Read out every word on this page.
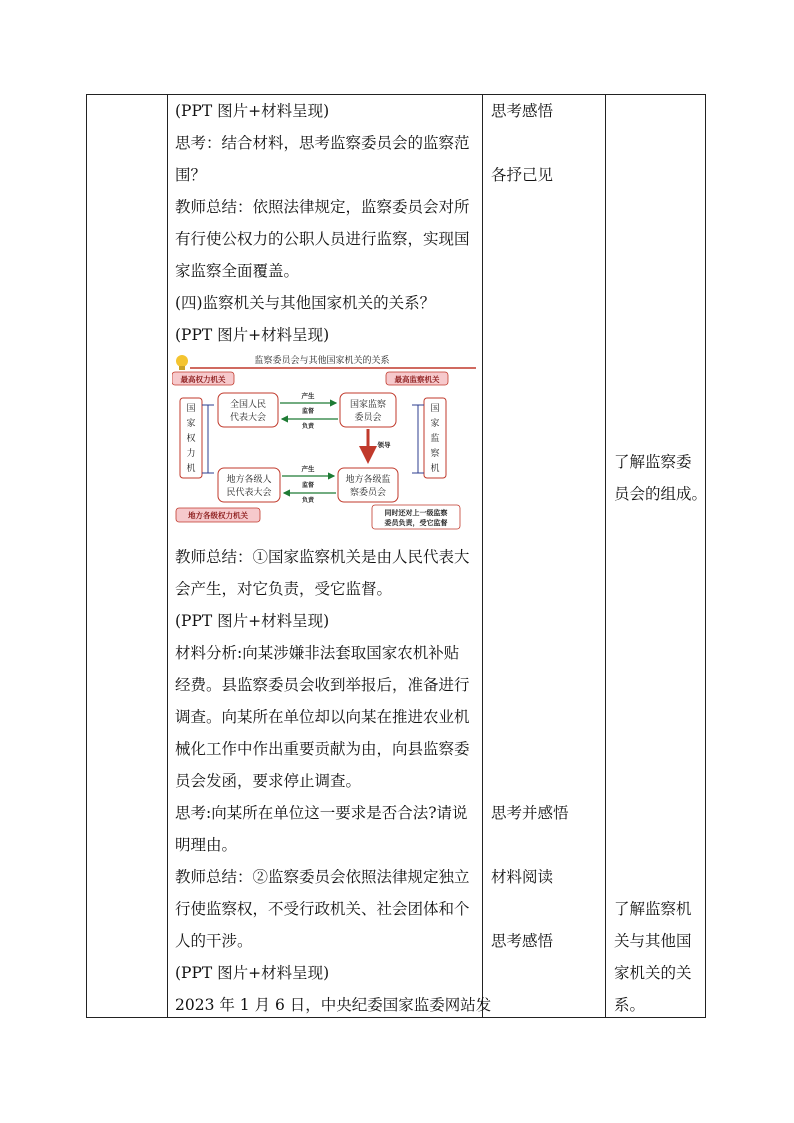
(PPT 图片+材料呈现)
思考：结合材料，思考监察委员会的监察范
围？
教师总结：依照法律规定，监察委员会对所
有行使公权力的公职人员进行监察，实现国
家监察全面覆盖。
(四)监察机关与其他国家机关的关系？
(PPT 图片+材料呈现)
教师总结：①国家监察机关是由人民代表大
会产生，对它负责，受它监督。
(PPT 图片+材料呈现)
材料分析:向某涉嫌非法套取国家农机补贴
经费。县监察委员会收到举报后，准备进行
调查。向某所在单位却以向某在推进农业机
械化工作中作出重要贡献为由，向县监察委
员会发函，要求停止调查。
思考:向某所在单位这一要求是否合法?请说
明理由。
教师总结：②监察委员会依照法律规定独立
行使监察权，不受行政机关、社会团体和个
人的干涉。
(PPT 图片+材料呈现)
2023 年 1 月 6 日，中央纪委国家监委网站发
监察委员会与其他国家机关的关系
最高权力机关	最高监察机关
国
家
权
力
机
国
家
监
察
机
全国人民
代表大会
国家监察
委员会
地方各级人
民代表大会
地方各级监
察委员会
产生
监督
负责
领导
产生
监督
负责
地方各级权力机关	同时还对上一级监察
委员负责，受它监督
思考感悟
各抒己见
思考并感悟
材料阅读
思考感悟
了解监察委
员会的组成。
了解监察机
关与其他国
家机关的关
系。
